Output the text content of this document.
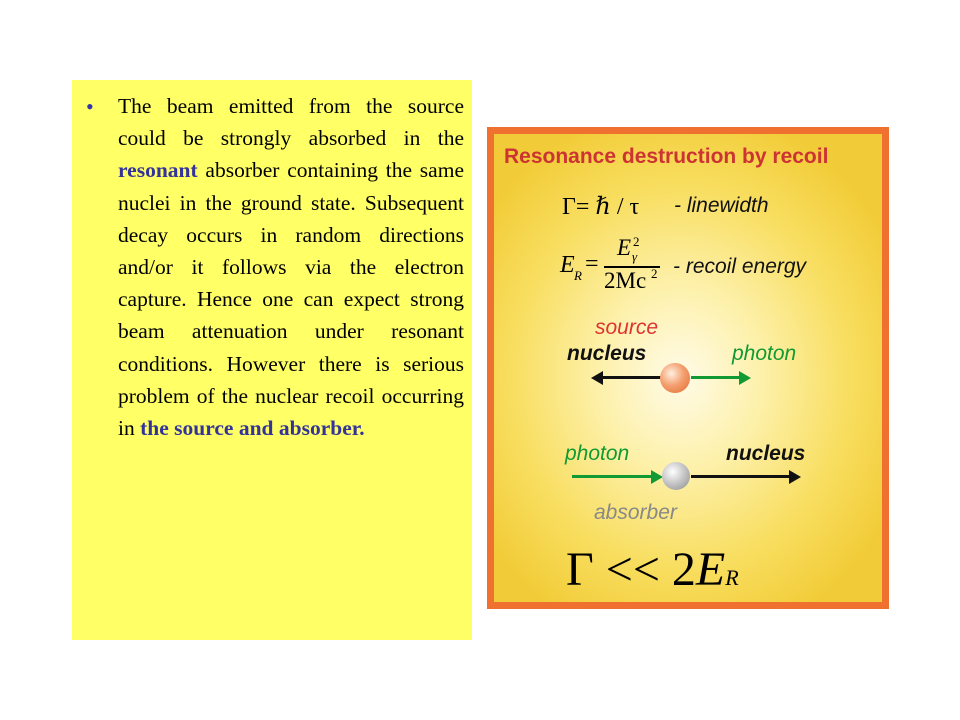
• The beam emitted from the source could be strongly absorbed in the resonant absorber containing the same nuclei in the ground state. Subsequent decay occurs in random directions and/or it follows via the electron capture. Hence one can expect strong beam attenuation under resonant conditions. However there is serious problem of the nuclear recoil occurring in the source and absorber.

Resonance destruction by recoil
Γ= ℏ / τ - linewidth
E R =
E γ
2
2Mc 2 - recoil energy
source
nucleus	photon
photon	nucleus
absorber
Γ << 2ER
